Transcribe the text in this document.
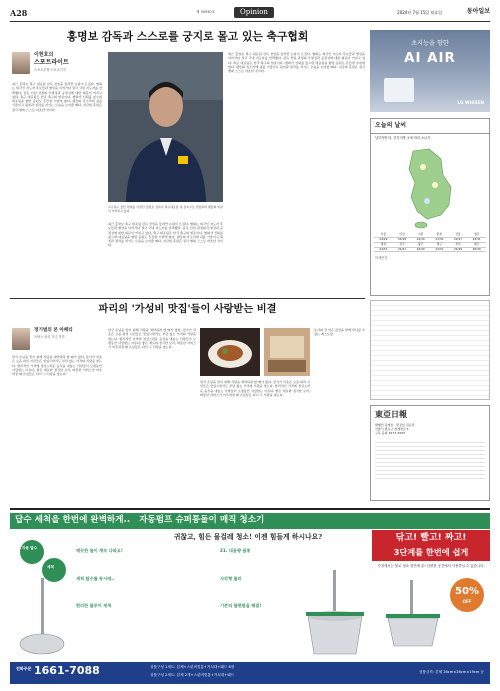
A28	제 30930호	Opinion	2024년 7월 15일 월요일	동아일보
홍명보 감독과 스스로를 궁지로 몰고 있는 축구협회
이헌호의
스포트라이트
스포츠부장·스포츠기자
최근 홍명보 축구 대표팀 감독 선임을 둘러싼 논란이 뜨겁다. 협회는 외국인 지도자 후보들과 협상을 이어가다 결국 국내 지도자를 선택했다. 감독 선임 과정의 투명성과 공정성에 대한 의문이 커지고 있다. 축구 대표팀은 한국 축구의 얼굴이다. 협회가 신뢰를 잃으면 대표팀을 향한 응원도 흔들릴 수밖에 없다. 팬들의 목소리에 귀를 기울이고 원칙과 절차를 지키는 모습을 보여줄 때다. 지금의 혼란은 결국 협회 스스로 자초한 것이다.
프로축구 울산 현대를 이끌던 홍명보 감독이 축구대표팀 새 감독으로 선임되며 팬들의 비판이 이어지고 있다.
최근 홍명보 축구 대표팀 감독 선임을 둘러싼 논란이 뜨겁다. 협회는 외국인 지도자 후보들과 협상을 이어가다 결국 국내 지도자를 선택했다. 감독 선임 과정의 투명성과 공정성에 대한 의문이 커지고 있다. 축구 대표팀은 한국 축구의 얼굴이다. 협회가 신뢰를 잃으면 대표팀을 향한 응원도 흔들릴 수밖에 없다. 팬들의 목소리에 귀를 기울이고 원칙과 절차를 지키는 모습을 보여줄 때다. 지금의 혼란은 결국 협회 스스로 자초한 것이다.
최근 홍명보 축구 대표팀 감독 선임을 둘러싼 논란이 뜨겁다. 협회는 외국인 지도자 후보들과 협상을 이어가다 결국 국내 지도자를 선택했다. 감독 선임 과정의 투명성과 공정성에 대한 의문이 커지고 있다. 축구 대표팀은 한국 축구의 얼굴이다. 협회가 신뢰를 잃으면 대표팀을 향한 응원도 흔들릴 수밖에 없다. 팬들의 목소리에 귀를 기울이고 원칙과 절차를 지키는 모습을 보여줄 때다. 지금의 혼란은 결국 협회 스스로 자초한 것이다.
초지능을 향한
AI AIR
LG WHISEN
오늘의 날씨
남부지방 비, 중부지방 곳에 따라 소나기
서울	인천	수원	춘천	강릉	청주
24/29	24/28	24/30	23/30	22/27	24/31
대전	전주	광주	대구	부산	제주
24/31	24/31	24/30	24/31	24/29	26/30
미세먼지
파리의 '가성비 맛집'들이 사랑받는 비결
정기범의 본 아페티
프랑스 파리 거주 작가
한국 손님을 맞이 위해 식당을 예약하려 할 때가 많다. 물가가 치솟은 요즘 파리 시민들은 맛있으면서도 부담 없는 가격의 식당을 찾는다. 합리적인 가격에 정성스러운 음식을 내놓는 식당들이 오랫동안 사랑받는 이유다. 좋은 재료와 정직한 요리, 따뜻한 서비스가 어우러질 때 손님들은 다시 그 식당을 찾는다.
한국 손님을 맞이 위해 식당을 예약하려 할 때가 많다. 물가가 치솟은 요즘 파리 시민들은 맛있으면서도 부담 없는 가격의 식당을 찾는다. 합리적인 가격에 정성스러운 음식을 내놓는 식당들이 오랫동안 사랑받는 이유다. 좋은 재료와 정직한 요리, 따뜻한 서비스가 어우러질 때 손님들은 다시 그 식당을 찾는다.
한국 손님을 맞이 위해 식당을 예약하려 할 때가 많다. 물가가 치솟은 요즘 파리 시민들은 맛있으면서도 부담 없는 가격의 식당을 찾는다. 합리적인 가격에 정성스러운 음식을 내놓는 식당들이 오랫동안 사랑받는 이유다. 좋은 재료와 정직한 요리, 따뜻한 서비스가 어우러질 때 손님들은 다시 그 식당을 찾는다.
동서의 잘 익은 감상을 함께 만나볼 수 있는 레스토랑.
東亞日報
발행인 김재호 · 편집인 김순덕
서울시 종로구 청계천로 1
구독 문의 1577-3333
답수 세척을 한번에 완벽하게.. 자동펌프 슈퍼통돌이 매직 청소기
귀찮고, 힘든 물걸레 청소! 이젠 힘들게 하시나요?
자동 탈수
세척
깨끗한 물이 계속 나와요!
세척 탈수를 동시에..
편리한 블루이 세척
21. 대용량 물통
사각형 롤러
기존의 불편함을 해결!
닦고! 빨고! 짜고!
3단계를 한번에 쉽게
가정에서는 물로 청소 한번에 끝! 다양한 공간에서 사용하실 수 있습니다.
50%
OFF
전화주문 1661-7088	상품구성 1세트: 본체+스핀버킷통+거치대+패드 6장
상품구성 2세트: 본체 2개+스핀버킷통+거치대+패드
상품규격: 본체 26cm×26cm×19cm 등
